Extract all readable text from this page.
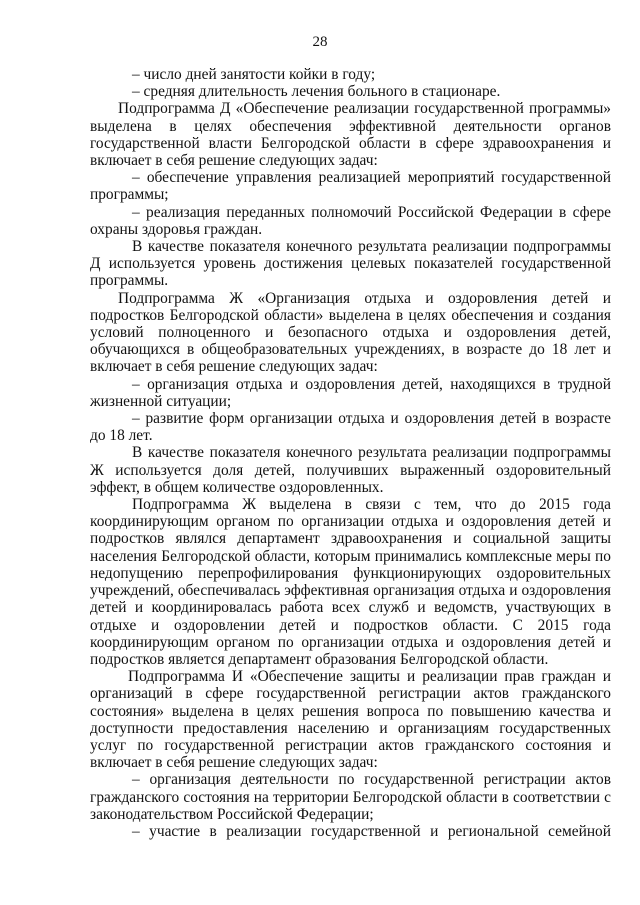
28

– число дней занятости койки в году;

– средняя длительность лечения больного в стационаре.

Подпрограмма Д «Обеспечение реализации государственной программы» выделена в целях обеспечения эффективной деятельности органов государственной власти Белгородской области в сфере здравоохранения и включает в себя решение следующих задач:

– обеспечение управления реализацией мероприятий государственной программы;

– реализация переданных полномочий Российской Федерации в сфере охраны здоровья граждан.

В качестве показателя конечного результата реализации подпрограммы Д используется уровень достижения целевых показателей государственной программы.

Подпрограмма Ж «Организация отдыха и оздоровления детей и подростков Белгородской области» выделена в целях обеспечения и создания условий полноценного и безопасного отдыха и оздоровления детей, обучающихся в общеобразовательных учреждениях, в возрасте до 18 лет и включает в себя решение следующих задач:

– организация отдыха и оздоровления детей, находящихся в трудной жизненной ситуации;

– развитие форм организации отдыха и оздоровления детей в возрасте до 18 лет.

В качестве показателя конечного результата реализации подпрограммы Ж используется доля детей, получивших выраженный оздоровительный эффект, в общем количестве оздоровленных.

Подпрограмма Ж выделена в связи с тем, что до 2015 года координирующим органом по организации отдыха и оздоровления детей и подростков являлся департамент здравоохранения и социальной защиты населения Белгородской области, которым принимались комплексные меры по недопущению перепрофилирования функционирующих оздоровительных учреждений, обеспечивалась эффективная организация отдыха и оздоровления детей и координировалась работа всех служб и ведомств, участвующих в отдыхе и оздоровлении детей и подростков области. С 2015 года координирующим органом по организации отдыха и оздоровления детей и подростков является департамент образования Белгородской области.

Подпрограмма И «Обеспечение защиты и реализации прав граждан и организаций в сфере государственной регистрации актов гражданского состояния» выделена в целях решения вопроса по повышению качества и доступности предоставления населению и организациям государственных услуг по государственной регистрации актов гражданского состояния и включает в себя решение следующих задач:

– организация деятельности по государственной регистрации актов гражданского состояния на территории Белгородской области в соответствии с законодательством Российской Федерации;

– участие в реализации государственной и региональной семейной
